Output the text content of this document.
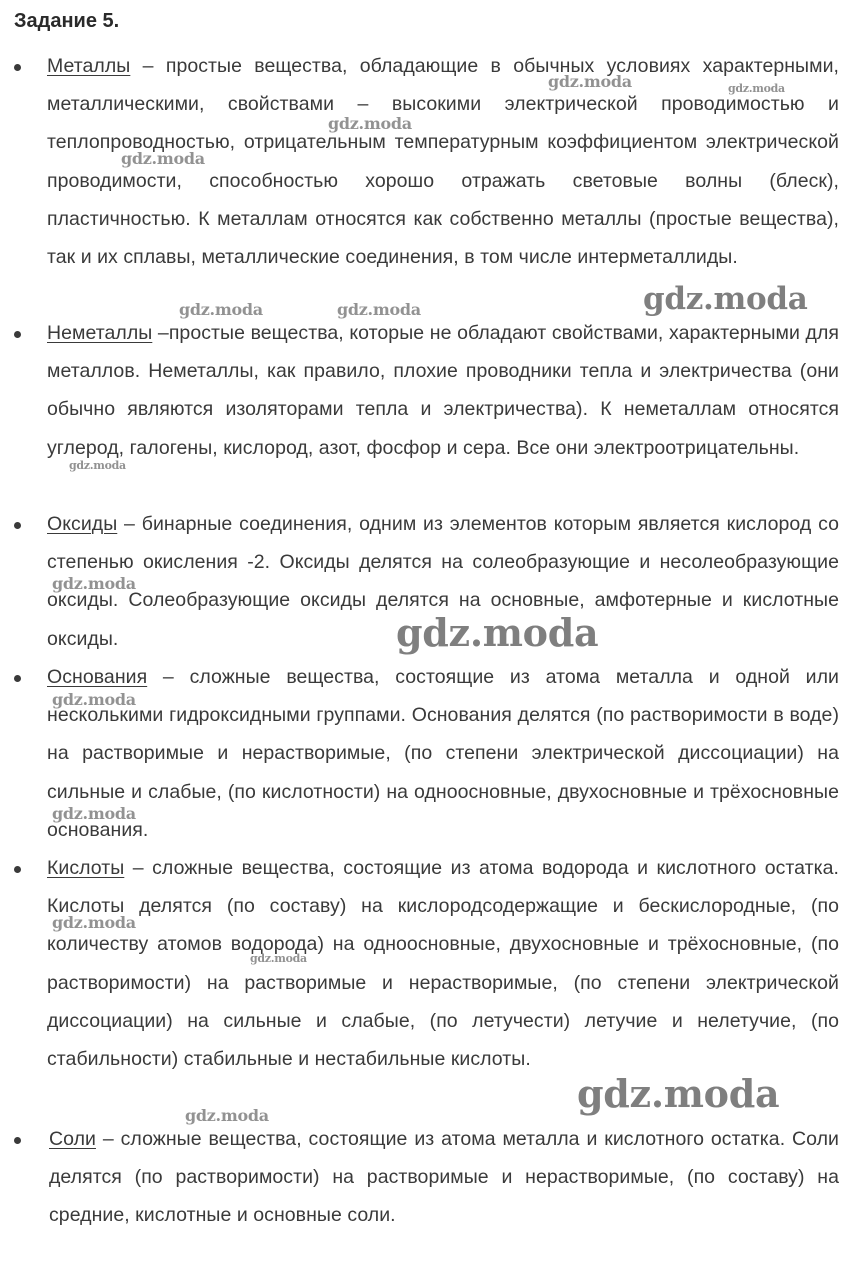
Задание 5.

Металлы – простые вещества, обладающие в обычных условиях характерными, металлическими, свойствами – высокими электрической проводимостью и теплопроводностью, отрицательным температурным коэффициентом электрической проводимости, способностью хорошо отражать световые волны (блеск), пластичностью. К металлам относятся как собственно металлы (простые вещества), так и их сплавы, металлические соединения, в том числе интерметаллиды.

Неметаллы –простые вещества, которые не обладают свойствами, характерными для металлов. Неметаллы, как правило, плохие проводники тепла и электричества (они обычно являются изоляторами тепла и электричества). К неметаллам относятся углерод, галогены, кислород, азот, фосфор и сера. Все они электроотрицательны.

Оксиды – бинарные соединения, одним из элементов которым является кислород со степенью окисления -2. Оксиды делятся на солеобразующие и несолеобразующие оксиды. Солеобразующие оксиды делятся на основные, амфотерные и кислотные оксиды.

Основания – сложные вещества, состоящие из атома металла и одной или несколькими гидроксидными группами. Основания делятся (по растворимости в воде) на растворимые и нерастворимые, (по степени электрической диссоциации) на сильные и слабые, (по кислотности) на одноосновные, двухосновные и трёхосновные основания.

Кислоты – сложные вещества, состоящие из атома водорода и кислотного остатка. Кислоты делятся (по составу) на кислородсодержащие и бескислородные, (по количеству атомов водорода) на одноосновные, двухосновные и трёхосновные, (по растворимости) на растворимые и нерастворимые, (по степени электрической диссоциации) на сильные и слабые, (по летучести) летучие и нелетучие, (по стабильности) стабильные и нестабильные кислоты.

Соли – сложные вещества, состоящие из атома металла и кислотного остатка. Соли делятся (по растворимости) на растворимые и нерастворимые, (по составу) на средние, кислотные и основные соли.

gdz.moda	gdz.moda
gdz.moda
gdz.moda
gdz.moda
gdz.moda	gdz.moda
gdz.moda
gdz.moda
gdz.moda
gdz.moda
gdz.moda
gdz.moda
gdz.moda
gdz.moda
gdz.moda
